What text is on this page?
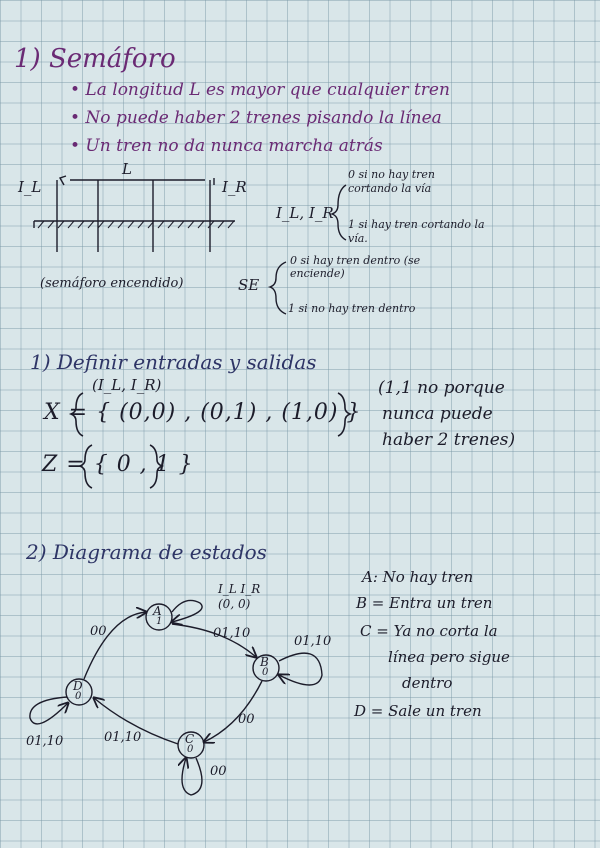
1) Semáforo
• La longitud L es mayor que cualquier tren
• No puede haber 2 trenes pisando la línea
• Un tren no da nunca marcha atrás
I_L	I_R
L
I_L, I_R
0 si no hay tren cortando la vía
1 si hay tren cortando la vía.
(semáforo encendido)	SE
0 si hay tren dentro (se enciende)
1 si no hay tren dentro
1) Definir entradas y salidas
(I_L, I_R)
X = { (0,0) , (0,1) , (1,0) }
Z = { 0 , 1 }
(1,1 no porque
nunca puede
haber 2 trenes)
2) Diagrama de estados
I_L I_R
(0, 0)
A
1
B
0
C
0
D
0
01,10
01,10
00
01,10
00
00
01,10
A: No hay tren
B = Entra un tren
C = Ya no corta la
línea pero sigue
dentro
D = Sale un tren
